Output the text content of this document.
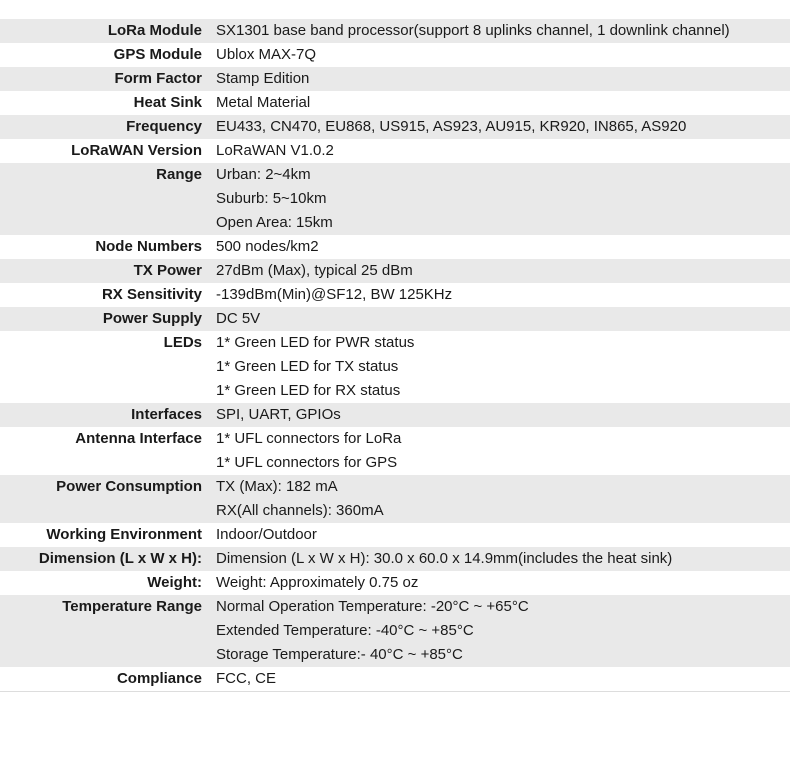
LoRa Module	SX1301 base band processor(support 8 uplinks channel, 1 downlink channel)
GPS Module	Ublox MAX-7Q
Form Factor	Stamp Edition
Heat Sink	Metal Material
Frequency	EU433, CN470, EU868, US915, AS923, AU915, KR920, IN865, AS920
LoRaWAN Version	LoRaWAN V1.0.2
Range	Urban: 2~4km
	Suburb: 5~10km
	Open Area: 15km
Node Numbers	500 nodes/km2
TX Power	27dBm (Max), typical 25 dBm
RX Sensitivity	-139dBm(Min)@SF12, BW 125KHz
Power Supply	DC 5V
LEDs	1* Green LED for PWR status
	1* Green LED for TX status
	1* Green LED for RX status
Interfaces	SPI, UART, GPIOs
Antenna Interface	1* UFL connectors for LoRa
	1* UFL connectors for GPS
Power Consumption	TX (Max): 182 mA
	RX(All channels): 360mA
Working Environment	Indoor/Outdoor
Dimension (L x W x H):	Dimension (L x W x H): 30.0 x 60.0 x 14.9mm(includes the heat sink)
Weight:	Weight: Approximately 0.75 oz
Temperature Range	Normal Operation Temperature: -20°C ~ +65°C
	Extended Temperature: -40°C ~ +85°C
	Storage Temperature:- 40°C ~ +85°C
Compliance	FCC, CE
